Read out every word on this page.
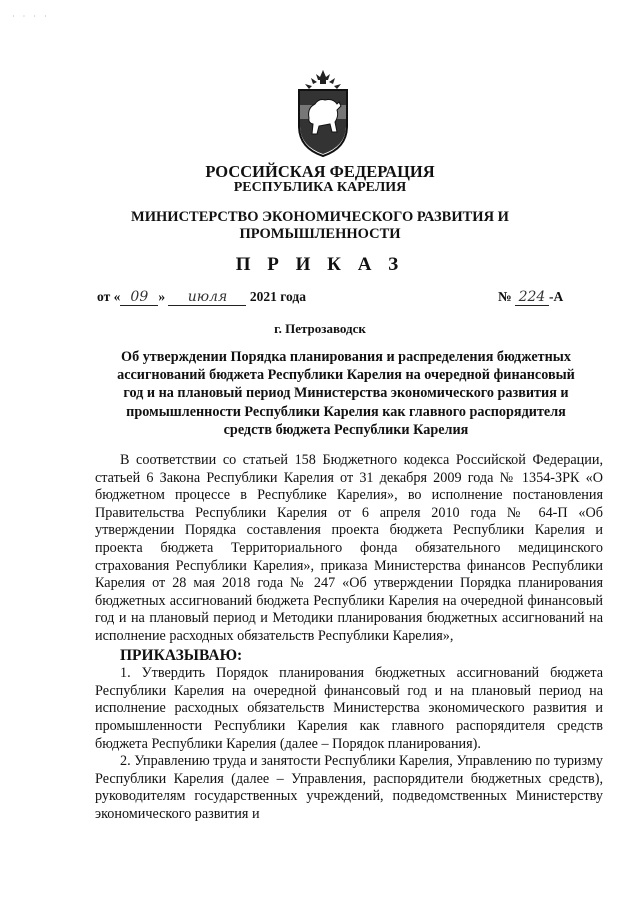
· · · ·
РОССИЙСКАЯ ФЕДЕРАЦИЯ
РЕСПУБЛИКА КАРЕЛИЯ
МИНИСТЕРСТВО ЭКОНОМИЧЕСКОГО РАЗВИТИЯ И
ПРОМЫШЛЕННОСТИ
П Р И К А З
от « 09 » июля 2021 года	№ 224 -А
г. Петрозаводск
Об утверждении Порядка планирования и распределения бюджетных ассигнований бюджета Республики Карелия на очередной финансовый год и на плановый период Министерства экономического развития и промышленности Республики Карелия как главного распорядителя средств бюджета Республики Карелия

В соответствии со статьей 158 Бюджетного кодекса Российской Федерации, статьей 6 Закона Республики Карелия от 31 декабря 2009 года № 1354-ЗРК «О бюджетном процессе в Республике Карелия», во исполнение постановления Правительства Республики Карелия от 6 апреля 2010 года № 64-П «Об утверждении Порядка составления проекта бюджета Республики Карелия и проекта бюджета Территориального фонда обязательного медицинского страхования Республики Карелия», приказа Министерства финансов Республики Карелия от 28 мая 2018 года № 247 «Об утверждении Порядка планирования бюджетных ассигнований бюджета Республики Карелия на очередной финансовый год и на плановый период и Методики планирования бюджетных ассигнований на исполнение расходных обязательств Республики Карелия»,

ПРИКАЗЫВАЮ:

1. Утвердить Порядок планирования бюджетных ассигнований бюджета Республики Карелия на очередной финансовый год и на плановый период на исполнение расходных обязательств Министерства экономического развития и промышленности Республики Карелия как главного распорядителя средств бюджета Республики Карелия (далее – Порядок планирования).

2. Управлению труда и занятости Республики Карелия, Управлению по туризму Республики Карелия (далее – Управления, распорядители бюджетных средств), руководителям государственных учреждений, подведомственных Министерству экономического развития и
